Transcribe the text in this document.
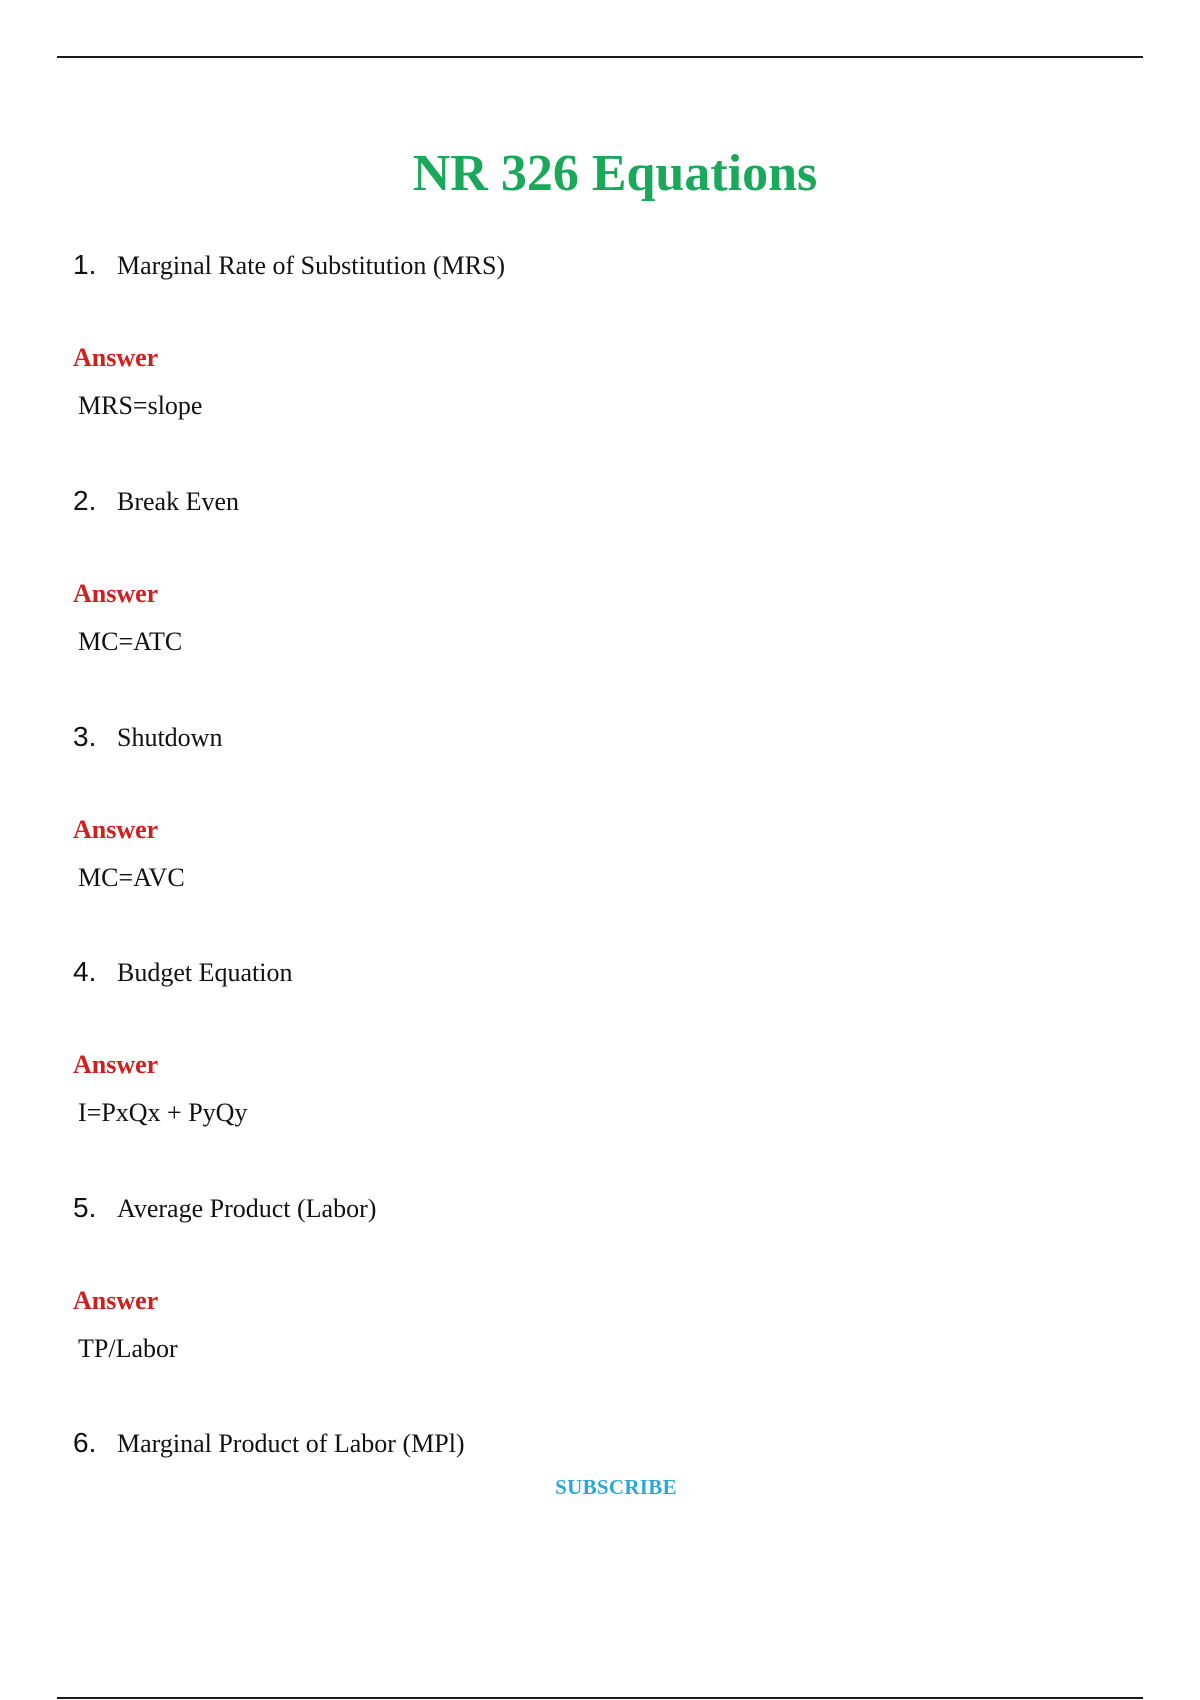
NR 326 Equations
1. Marginal Rate of Substitution (MRS)
Answer
MRS=slope
2. Break Even
Answer
MC=ATC
3. Shutdown
Answer
MC=AVC
4. Budget Equation
Answer
I=PxQx + PyQy
5. Average Product (Labor)
Answer
TP/Labor
6. Marginal Product of Labor (MPl)
SUBSCRIBE
